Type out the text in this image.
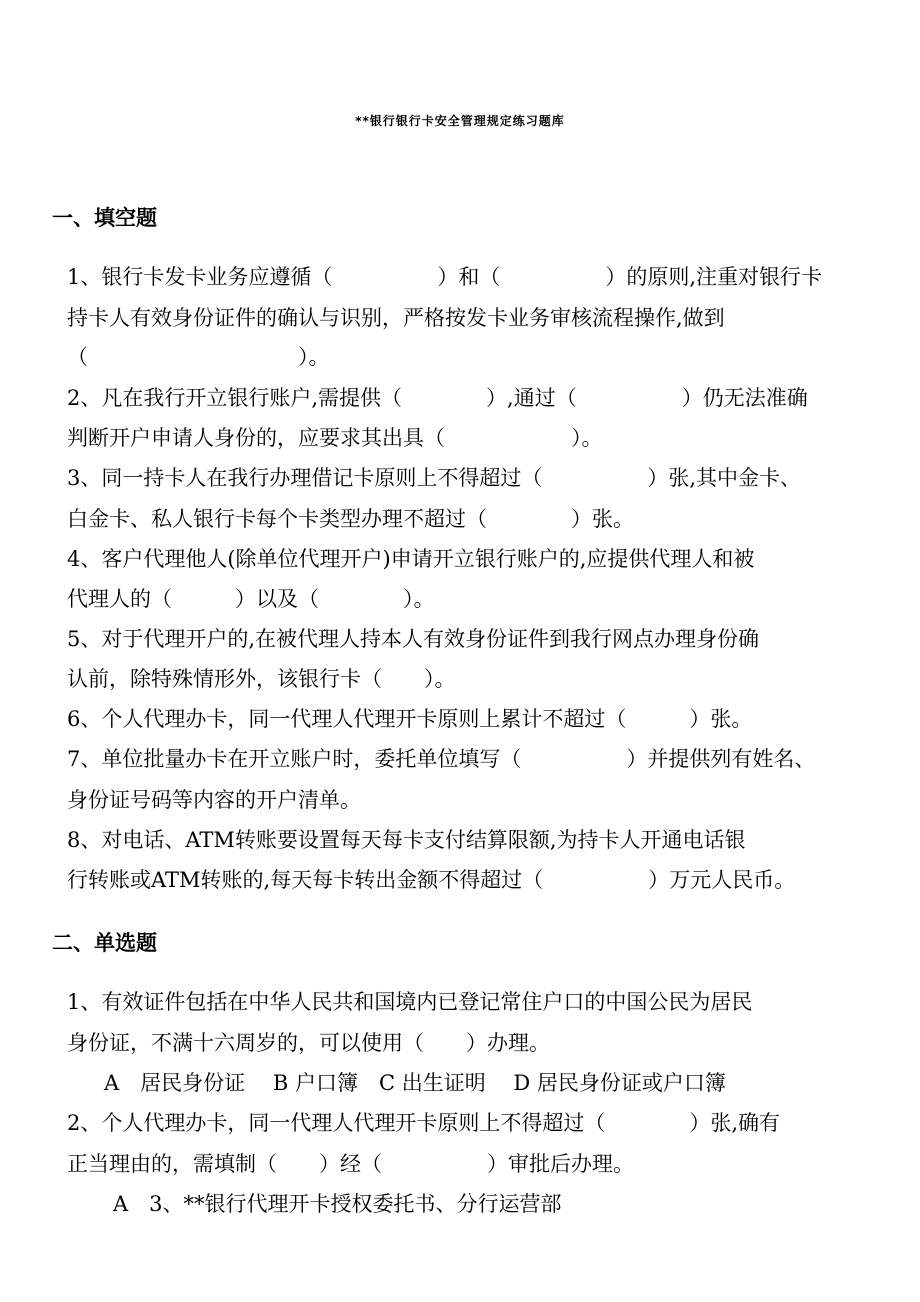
**银行银行卡安全管理规定练习题库
一、填空题
1、银行卡发卡业务应遵循（　　　　　）和（　　　　　）的原则,注重对银行卡
持卡人有效身份证件的确认与识别，严格按发卡业务审核流程操作,做到
（　　　　　　　　　　）。
2、凡在我行开立银行账户,需提供（　　　　）,通过（　　　　　）仍无法准确
判断开户申请人身份的，应要求其出具（　　　　　　）。
3、同一持卡人在我行办理借记卡原则上不得超过（　　　　　）张,其中金卡、
白金卡、私人银行卡每个卡类型办理不超过（　　　　）张。
4、客户代理他人(除单位代理开户)申请开立银行账户的,应提供代理人和被
代理人的（　　　）以及（　　　　）。
5、对于代理开户的,在被代理人持本人有效身份证件到我行网点办理身份确
认前，除特殊情形外，该银行卡（　　）。
6、个人代理办卡，同一代理人代理开卡原则上累计不超过（　　　）张。
7、单位批量办卡在开立账户时，委托单位填写（　　　　　）并提供列有姓名、
身份证号码等内容的开户清单。
8、对电话、ATM转账要设置每天每卡支付结算限额,为持卡人开通电话银
行转账或ATM转账的,每天每卡转出金额不得超过（　　　　　）万元人民币。
二、单选题
1、有效证件包括在中华人民共和国境内已登记常住户口的中国公民为居民
身份证，不满十六周岁的，可以使用（　　）办理。
A　居民身份证　 B 户口簿　C 出生证明　 D 居民身份证或户口簿
2、个人代理办卡，同一代理人代理开卡原则上不得超过（　　　　）张,确有
正当理由的，需填制（　　）经（　　　　　）审批后办理。
A　3、**银行代理开卡授权委托书、分行运营部
